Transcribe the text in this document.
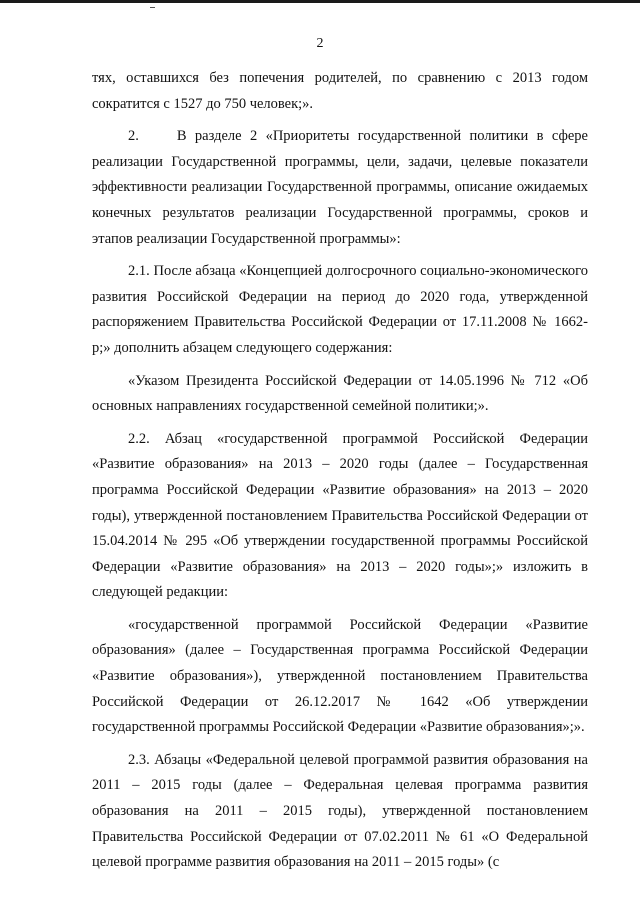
2

тях, оставшихся без попечения родителей, по сравнению с 2013 годом сократится с 1527 до 750 человек;».

2.	В разделе 2 «Приоритеты государственной политики в сфере реализации Государственной программы, цели, задачи, целевые показатели эффективности реализации Государственной программы, описание ожидаемых конечных результатов реализации Государственной программы, сроков и этапов реализации Государственной программы»:

2.1. После абзаца «Концепцией долгосрочного социально-экономического развития Российской Федерации на период до 2020 года, утвержденной распоряжением Правительства Российской Федерации от 17.11.2008 № 1662-р;» дополнить абзацем следующего содержания:

«Указом Президента Российской Федерации от 14.05.1996 № 712 «Об основных направлениях государственной семейной политики;».

2.2. Абзац «государственной программой Российской Федерации «Развитие образования» на 2013 – 2020 годы (далее – Государственная программа Российской Федерации «Развитие образования» на 2013 – 2020 годы), утвержденной постановлением Правительства Российской Федерации от 15.04.2014 № 295 «Об утверждении государственной программы Российской Федерации «Развитие образования» на 2013 – 2020 годы»;» изложить в следующей редакции:

«государственной программой Российской Федерации «Развитие образования» (далее – Государственная программа Российской Федерации «Развитие образования»), утвержденной постановлением Правительства Российской Федерации от 26.12.2017 № 1642 «Об утверждении государственной программы Российской Федерации «Развитие образования»;».

2.3. Абзацы «Федеральной целевой программой развития образования на 2011 – 2015 годы (далее – Федеральная целевая программа развития образования на 2011 – 2015 годы), утвержденной постановлением Правительства Российской Федерации от 07.02.2011 № 61 «О Федеральной целевой программе развития образования на 2011 – 2015 годы» (с
